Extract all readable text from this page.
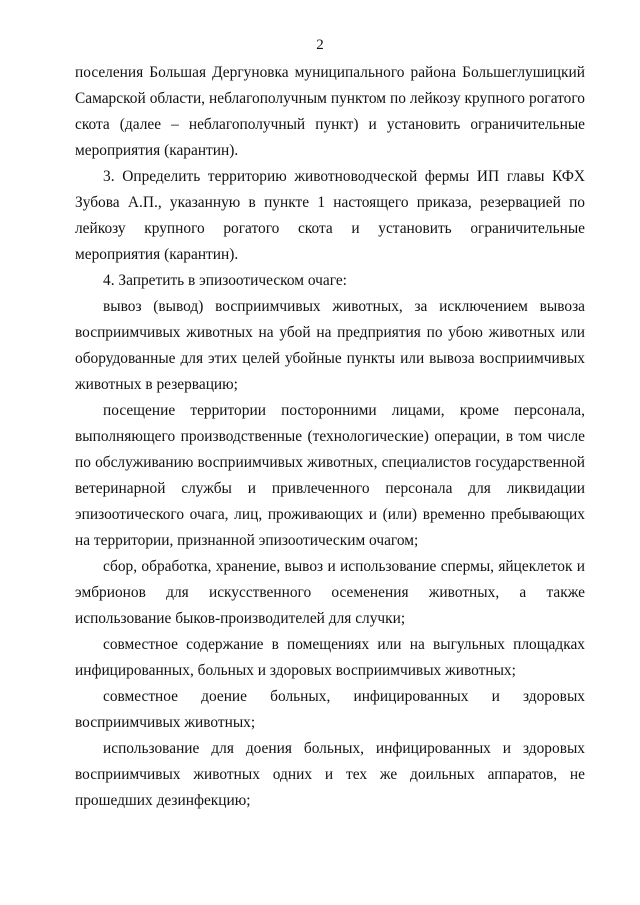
2

поселения Большая Дергуновка муниципального района Большеглушицкий Самарской области, неблагополучным пунктом по лейкозу крупного рогатого скота (далее – неблагополучный пункт) и установить ограничительные мероприятия (карантин).

3. Определить территорию животноводческой фермы ИП главы КФХ Зубова А.П., указанную в пункте 1 настоящего приказа, резервацией по лейкозу крупного рогатого скота и установить ограничительные мероприятия (карантин).

4. Запретить в эпизоотическом очаге:

вывоз (вывод) восприимчивых животных, за исключением вывоза восприимчивых животных на убой на предприятия по убою животных или оборудованные для этих целей убойные пункты или вывоза восприимчивых животных в резервацию;

посещение территории посторонними лицами, кроме персонала, выполняющего производственные (технологические) операции, в том числе по обслуживанию восприимчивых животных, специалистов государственной ветеринарной службы и привлеченного персонала для ликвидации эпизоотического очага, лиц, проживающих и (или) временно пребывающих на территории, признанной эпизоотическим очагом;

сбор, обработка, хранение, вывоз и использование спермы, яйцеклеток и эмбрионов для искусственного осеменения животных, а также использование быков-производителей для случки;

совместное содержание в помещениях или на выгульных площадках инфицированных, больных и здоровых восприимчивых животных;

совместное доение больных, инфицированных и здоровых восприимчивых животных;

использование для доения больных, инфицированных и здоровых восприимчивых животных одних и тех же доильных аппаратов, не прошедших дезинфекцию;
